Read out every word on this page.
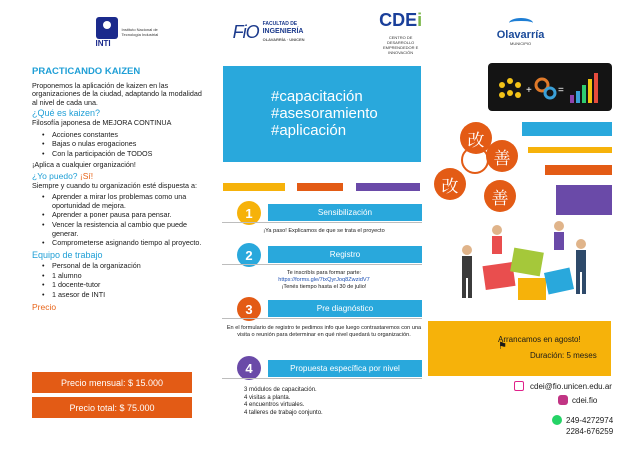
INTI
Instituto Nacional de Tecnología Industrial	FiO FACULTAD DE
INGENIERÍA
OLAVARRÍA · UNICEN
CDEi
CENTRO DE DESARROLLO EMPRENDEDOR E INNOVACIÓN
Olavarría
MUNICIPIO
PRACTICANDO KAIZEN

Proponemos la aplicación de kaizen en las organizaciones de la ciudad, adaptando la modalidad al nivel de cada una.

¿Qué es kaizen?

Filosofía japonesa de MEJORA CONTINUA

• Acciones constantes
• Bajas o nulas erogaciones
• Con la participación de TODOS

¡Aplica a cualquier organización!

¿Yo puedo? ¡Sí!

Siempre y cuando tu organización esté dispuesta a:

• Aprender a mirar los problemas como una oportunidad de mejora.
• Aprender a poner pausa para pensar.
• Vencer la resistencia al cambio que puede generar.
• Comprometerse asignando tiempo al proyecto.
Equipo de trabajo
• Personal de la organización
• 1 alumno
• 1 docente-tutor
• 1 asesor de INTI
Precio
Precio mensual: $ 15.000
Precio total: $ 75.000
#capacitación
#asesoramiento
#aplicación
1	Sensibilización
¡Ya paso! Explicamos de que se trata el proyecto
2	Registro
Te inscribís para formar parte:
https://forms.gle/7txQyrJoq8ZwzidV7
¡Tenés tiempo hasta el 30 de julio!
3	Pre diagnóstico
En el formulario de registro te pedimos info que luego contrastaremos con una visita o reunión para determinar en qué nivel quedará tu organización.
4	Propuesta específica por nivel
3 módulos de capacitación.
4 visitas a planta.
4 encuentros virtuales.
4 talleres de trabajo conjunto.
+	=
改
善
改
善
Arrancamos en agosto!
Duración: 5 meses
⚑
cdei@fio.unicen.edu.ar
cdei.fio
249-4272974
2284-676259
